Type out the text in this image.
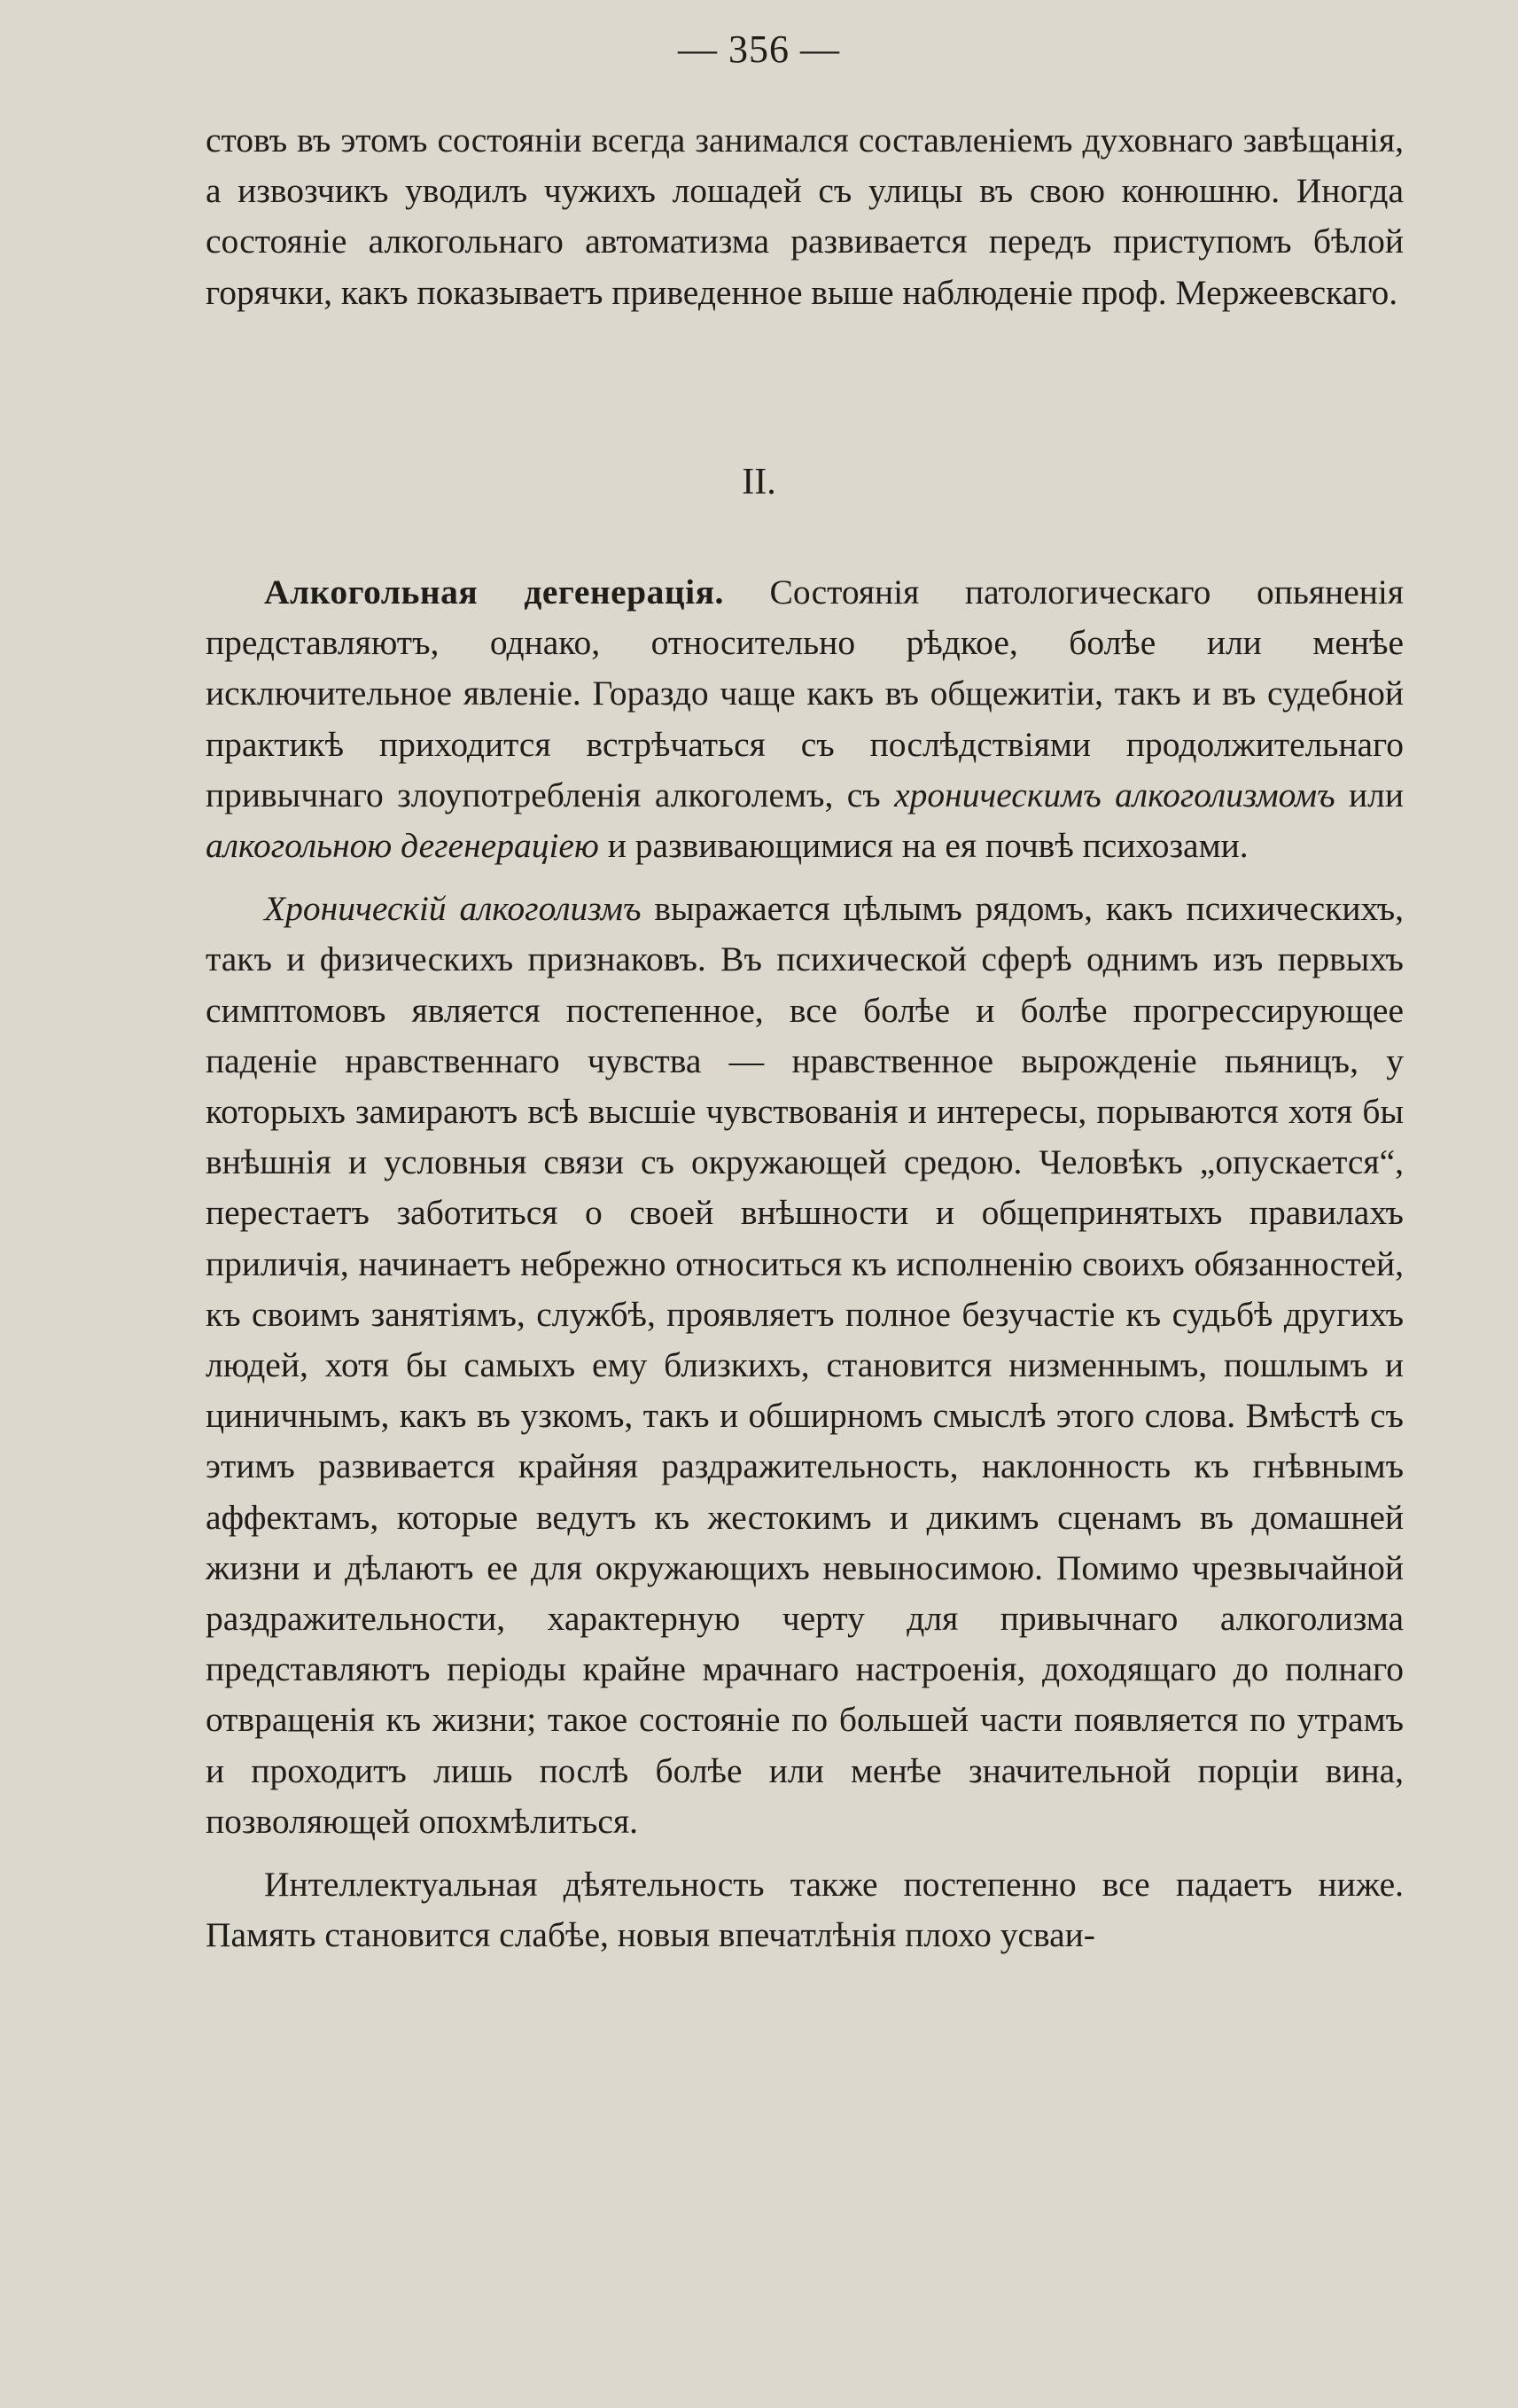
— 356 —

стовъ въ этомъ состояніи всегда занимался составленіемъ духовнаго завѣщанія, а извозчикъ уводилъ чужихъ лошадей съ улицы въ свою конюшню. Иногда состояніе алкогольнаго автоматизма развивается передъ приступомъ бѣлой горячки, какъ показываетъ приведенное выше наблюденіе проф. Мержеевскаго.

II.

Алкогольная дегенерація. Состоянія патологическаго опьяненія представляютъ, однако, относительно рѣдкое, болѣе или менѣе исключительное явленіе. Гораздо чаще какъ въ общежитіи, такъ и въ судебной практикѣ приходится встрѣчаться съ послѣдствіями продолжительнаго привычнаго злоупотребленія алкоголемъ, съ хроническимъ алкоголизмомъ или алкогольною дегенераціею и развивающимися на ея почвѣ психозами.

Хроническій алкоголизмъ выражается цѣлымъ рядомъ, какъ психическихъ, такъ и физическихъ признаковъ. Въ психической сферѣ однимъ изъ первыхъ симптомовъ является постепенное, все болѣе и болѣе прогрессирующее паденіе нравственнаго чувства — нравственное вырожденіе пьяницъ, у которыхъ замираютъ всѣ высшіе чувствованія и интересы, порываются хотя бы внѣшнія и условныя связи съ окружающей средою. Человѣкъ „опускается“, перестаетъ заботиться о своей внѣшности и общепринятыхъ правилахъ приличія, начинаетъ небрежно относиться къ исполненію своихъ обязанностей, къ своимъ занятіямъ, службѣ, проявляетъ полное безучастіе къ судьбѣ другихъ людей, хотя бы самыхъ ему близкихъ, становится низменнымъ, пошлымъ и циничнымъ, какъ въ узкомъ, такъ и обширномъ смыслѣ этого слова. Вмѣстѣ съ этимъ развивается крайняя раздражительность, наклонность къ гнѣвнымъ аффектамъ, которые ведутъ къ жестокимъ и дикимъ сценамъ въ домашней жизни и дѣлаютъ ее для окружающихъ невыносимою. Помимо чрезвычайной раздражительности, характерную черту для привычнаго алкоголизма представляютъ періоды крайне мрачнаго настроенія, доходящаго до полнаго отвращенія къ жизни; такое состояніе по большей части появляется по утрамъ и проходитъ лишь послѣ болѣе или менѣе значительной порціи вина, позволяющей опохмѣлиться.

Интеллектуальная дѣятельность также постепенно все падаетъ ниже. Память становится слабѣе, новыя впечатлѣнія плохо усваи-
